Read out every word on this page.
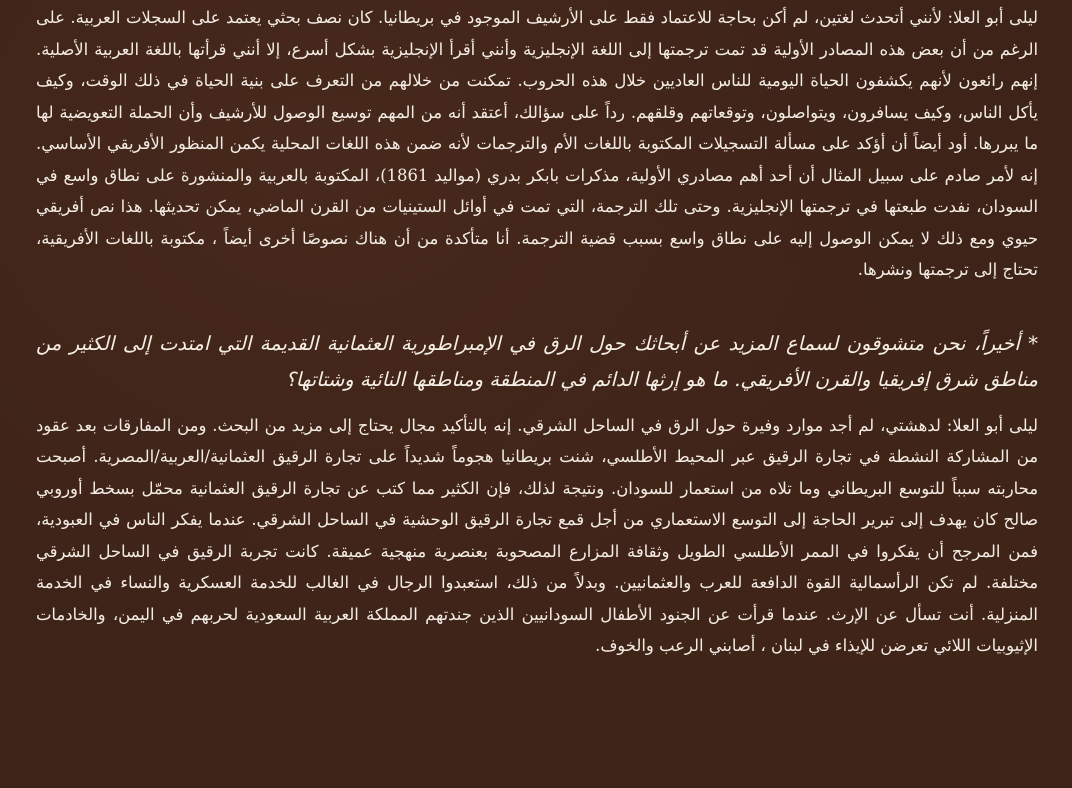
ليلى أبو العلا: لأنني أتحدث لغتين، لم أكن بحاجة للاعتماد فقط على الأرشيف الموجود في بريطانيا. كان نصف بحثي يعتمد على السجلات العربية. على الرغم من أن بعض هذه المصادر الأولية قد تمت ترجمتها إلى اللغة الإنجليزية وأنني أقرأ الإنجليزية بشكل أسرع، إلا أنني قرأتها باللغة العربية الأصلية. إنهم رائعون لأنهم يكشفون الحياة اليومية للناس العاديين خلال هذه الحروب. تمكنت من خلالهم من التعرف على بنية الحياة في ذلك الوقت، وكيف يأكل الناس، وكيف يسافرون، ويتواصلون، وتوقعاتهم وقلقهم. رداً على سؤالك، أعتقد أنه من المهم توسيع الوصول للأرشيف وأن الحملة التعويضية لها ما يبررها. أود أيضاً أن أؤكد على مسألة التسجيلات المكتوبة باللغات الأم والترجمات لأنه ضمن هذه اللغات المحلية يكمن المنظور الأفريقي الأساسي. إنه لأمر صادم على سبيل المثال أن أحد أهم مصادري الأولية، مذكرات بابكر بدري (مواليد 1861)، المكتوبة بالعربية والمنشورة على نطاق واسع في السودان، نفدت طبعتها في ترجمتها الإنجليزية. وحتى تلك الترجمة، التي تمت في أوائل الستينيات من القرن الماضي، يمكن تحديثها. هذا نص أفريقي حيوي ومع ذلك لا يمكن الوصول إليه على نطاق واسع بسبب قضية الترجمة. أنا متأكدة من أن هناك نصوصًا أخرى أيضاً ، مكتوبة باللغات الأفريقية، تحتاج إلى ترجمتها ونشرها.

* أخيراً، نحن متشوقون لسماع المزيد عن أبحاثك حول الرق في الإمبراطورية العثمانية القديمة التي امتدت إلى الكثير من مناطق شرق إفريقيا والقرن الأفريقي. ما هو إرثها الدائم في المنطقة ومناطقها النائية وشتاتها؟

ليلى أبو العلا: لدهشتي، لم أجد موارد وفيرة حول الرق في الساحل الشرقي. إنه بالتأكيد مجال يحتاج إلى مزيد من البحث. ومن المفارقات بعد عقود من المشاركة النشطة في تجارة الرقيق عبر المحيط الأطلسي، شنت بريطانيا هجوماً شديداً على تجارة الرقيق العثمانية/العربية/المصرية. أصبحت محاربته سبباً للتوسع البريطاني وما تلاه من استعمار للسودان. ونتيجة لذلك، فإن الكثير مما كتب عن تجارة الرقيق العثمانية محمّل بسخط أوروبي صالح كان يهدف إلى تبرير الحاجة إلى التوسع الاستعماري من أجل قمع تجارة الرقيق الوحشية في الساحل الشرقي. عندما يفكر الناس في العبودية، فمن المرجح أن يفكروا في الممر الأطلسي الطويل وثقافة المزارع المصحوبة بعنصرية منهجية عميقة. كانت تجربة الرقيق في الساحل الشرقي مختلفة. لم تكن الرأسمالية القوة الدافعة للعرب والعثمانيين. وبدلاً من ذلك، استعبدوا الرجال في الغالب للخدمة العسكرية والنساء في الخدمة المنزلية. أنت تسأل عن الإرث. عندما قرأت عن الجنود الأطفال السودانيين الذين جندتهم المملكة العربية السعودية لحربهم في اليمن، والخادمات الإثيوبيات اللائي تعرضن للإيذاء في لبنان ، أصابني الرعب والخوف.
